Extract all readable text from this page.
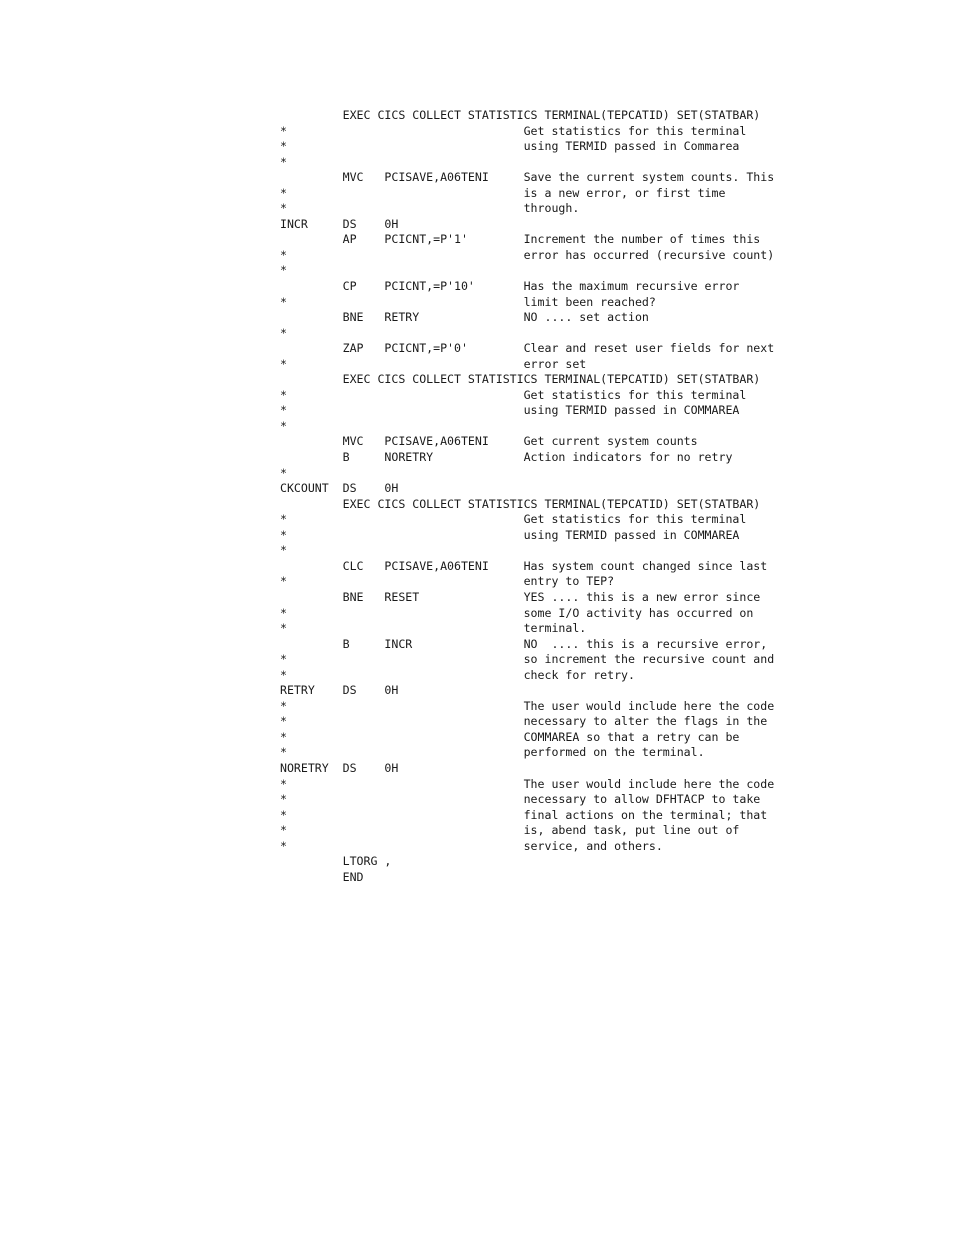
EXEC CICS COLLECT STATISTICS TERMINAL(TEPCATID) SET(STATBAR)
*                                  Get statistics for this terminal
*                                  using TERMID passed in Commarea
*
MVC   PCISAVE,A06TENI     Save the current system counts. This
*                                  is a new error, or first time
*                                  through.
INCR     DS    0H
AP    PCICNT,=P'1'        Increment the number of times this
*                                  error has occurred (recursive count)
*
CP    PCICNT,=P'10'       Has the maximum recursive error
*                                  limit been reached?
BNE   RETRY               NO .... set action
*
ZAP   PCICNT,=P'0'        Clear and reset user fields for next
*                                  error set
EXEC CICS COLLECT STATISTICS TERMINAL(TEPCATID) SET(STATBAR)
*                                  Get statistics for this terminal
*                                  using TERMID passed in COMMAREA
*
MVC   PCISAVE,A06TENI     Get current system counts
B     NORETRY             Action indicators for no retry
*
CKCOUNT  DS    0H
EXEC CICS COLLECT STATISTICS TERMINAL(TEPCATID) SET(STATBAR)
*                                  Get statistics for this terminal
*                                  using TERMID passed in COMMAREA
*
CLC   PCISAVE,A06TENI     Has system count changed since last
*                                  entry to TEP?
BNE   RESET               YES .... this is a new error since
*                                  some I/O activity has occurred on
*                                  terminal.
B     INCR                NO  .... this is a recursive error,
*                                  so increment the recursive count and
*                                  check for retry.
RETRY    DS    0H
*                                  The user would include here the code
*                                  necessary to alter the flags in the
*                                  COMMAREA so that a retry can be
*                                  performed on the terminal.
NORETRY  DS    0H
*                                  The user would include here the code
*                                  necessary to allow DFHTACP to take
*                                  final actions on the terminal; that
*                                  is, abend task, put line out of
*                                  service, and others.
LTORG ,
END
